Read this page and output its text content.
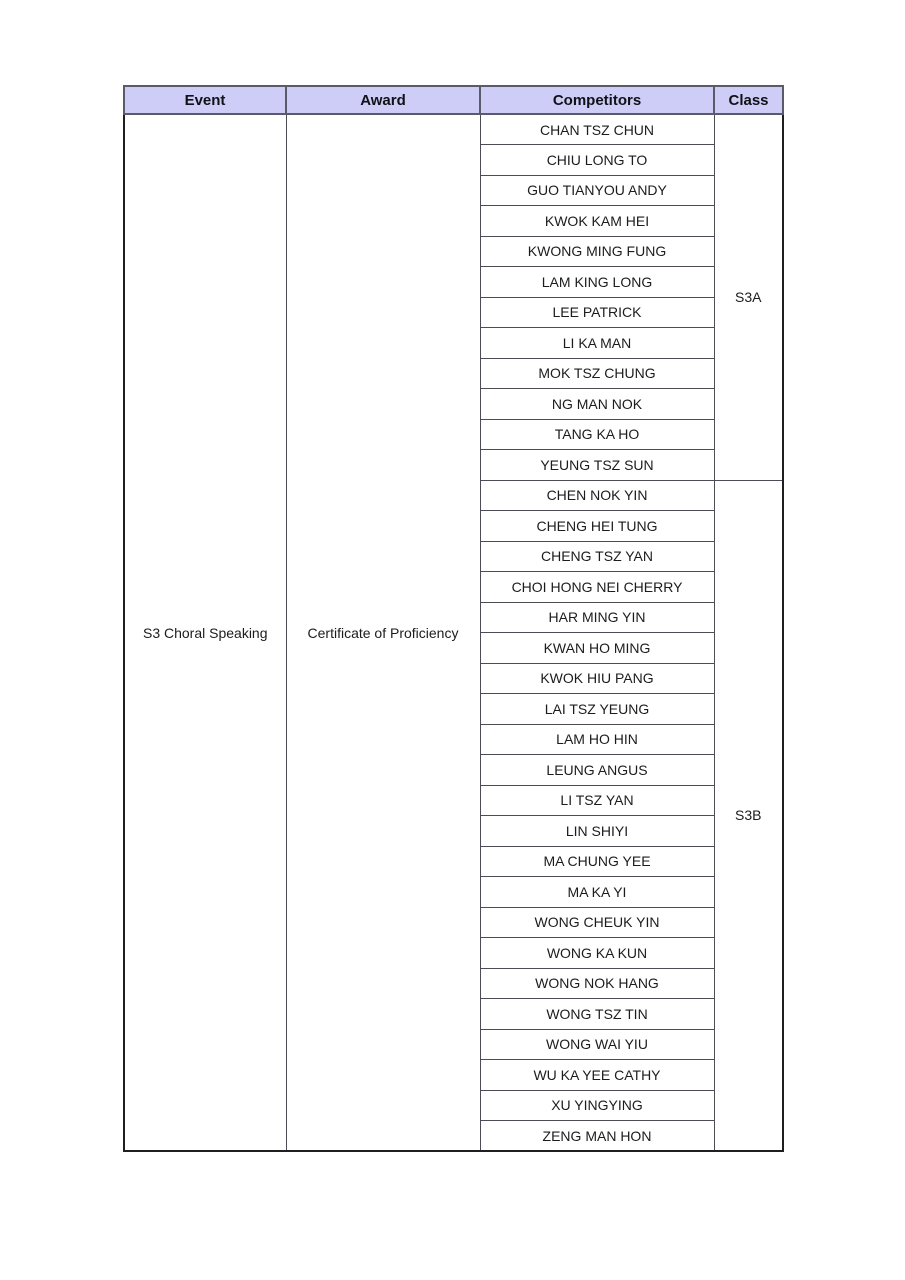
Event	Award	Competitors	Class
S3 Choral Speaking	Certificate of Proficiency	CHAN TSZ CHUN	S3A
		CHIU LONG TO	
		GUO TIANYOU ANDY	
		KWOK KAM HEI	
		KWONG MING FUNG	
		LAM KING LONG	
		LEE PATRICK	
		LI KA MAN	
		MOK TSZ CHUNG	
		NG MAN NOK	
		TANG KA HO	
		YEUNG TSZ SUN	
		CHEN NOK YIN	S3B
		CHENG HEI TUNG	
		CHENG TSZ YAN	
		CHOI HONG NEI CHERRY	
		HAR MING YIN	
		KWAN HO MING	
		KWOK HIU PANG	
		LAI TSZ YEUNG	
		LAM HO HIN	
		LEUNG ANGUS	
		LI TSZ YAN	
		LIN SHIYI	
		MA CHUNG YEE	
		MA KA YI	
		WONG CHEUK YIN	
		WONG KA KUN	
		WONG NOK HANG	
		WONG TSZ TIN	
		WONG WAI YIU	
		WU KA YEE CATHY	
		XU YINGYING	
		ZENG MAN HON	
